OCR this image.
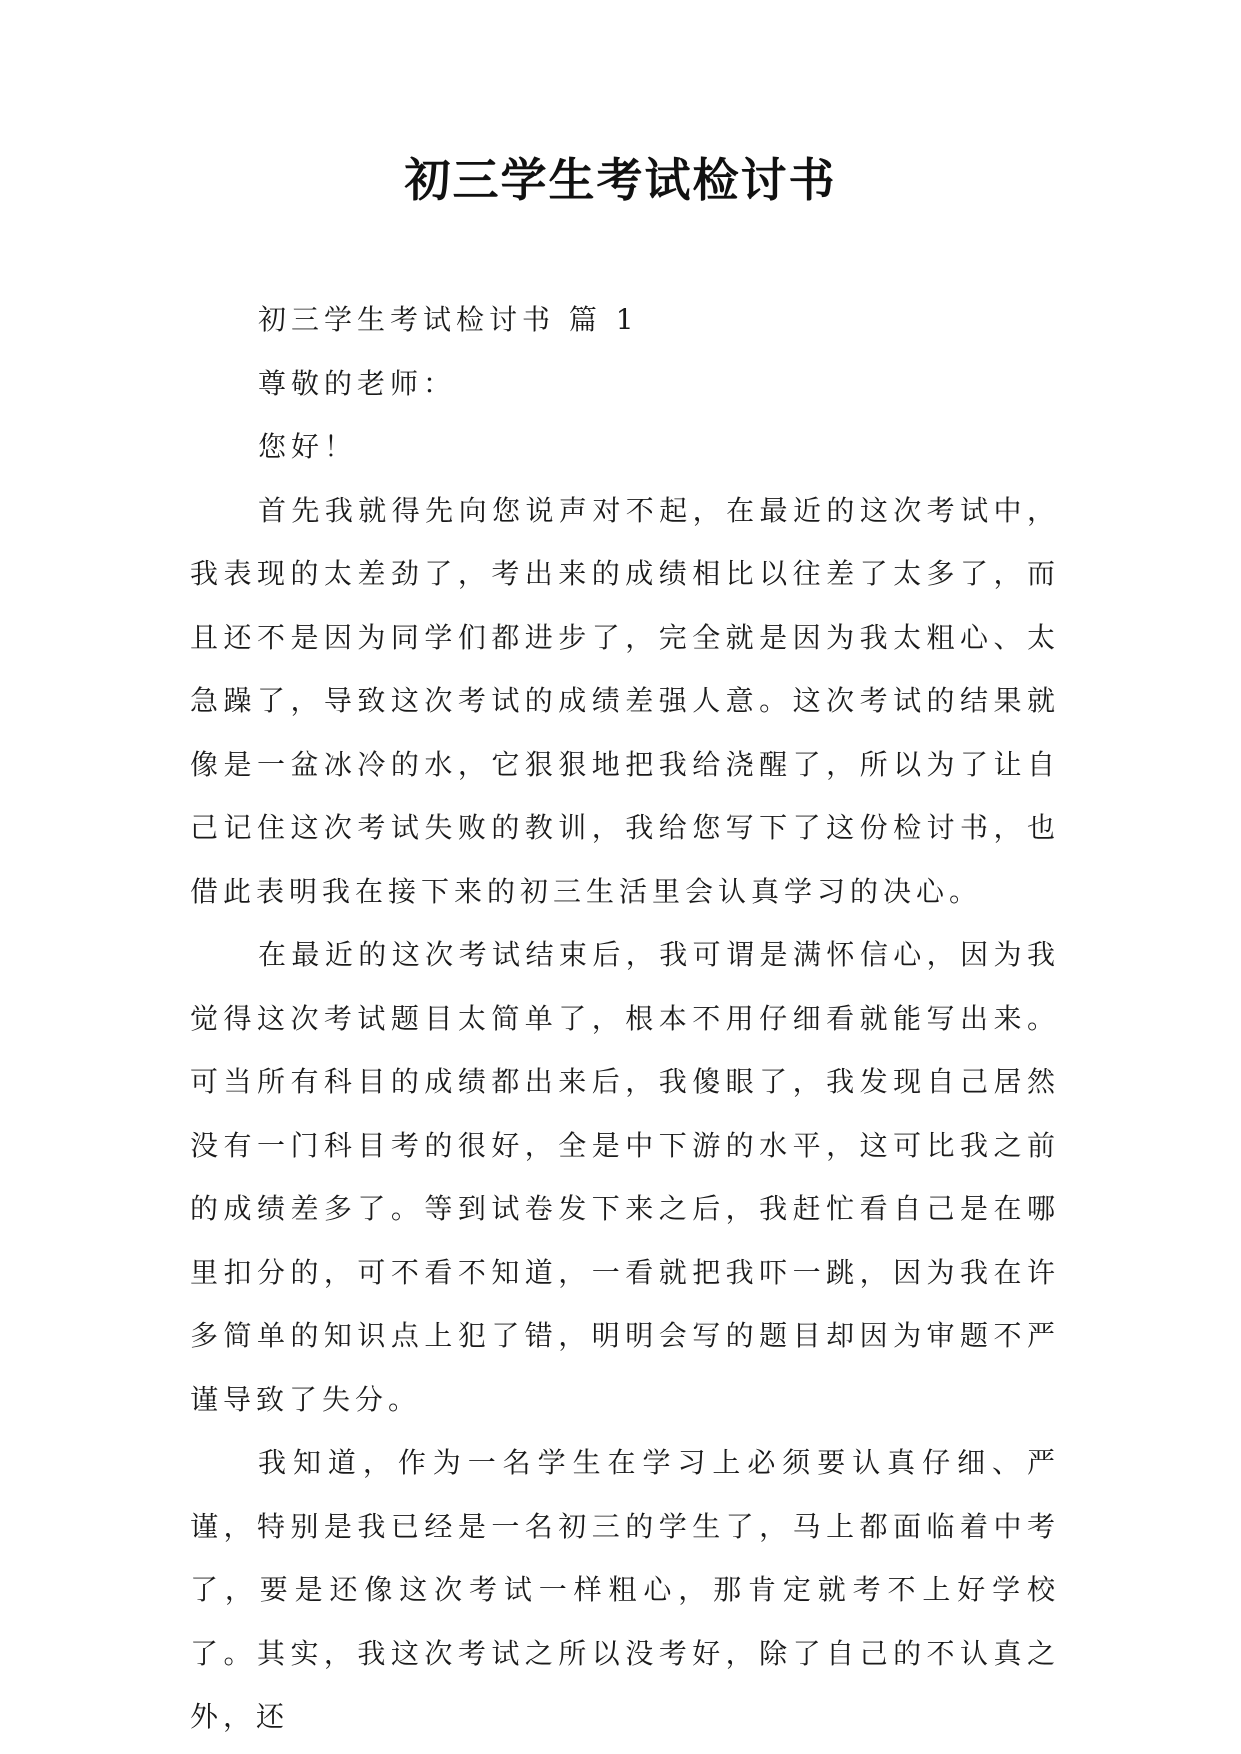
初三学生考试检讨书

初三学生考试检讨书 篇 1

尊敬的老师：

您好！

首先我就得先向您说声对不起，在最近的这次考试中，我表现的太差劲了，考出来的成绩相比以往差了太多了，而且还不是因为同学们都进步了，完全就是因为我太粗心、太急躁了，导致这次考试的成绩差强人意。这次考试的结果就像是一盆冰冷的水，它狠狠地把我给浇醒了，所以为了让自己记住这次考试失败的教训，我给您写下了这份检讨书，也借此表明我在接下来的初三生活里会认真学习的决心。

在最近的这次考试结束后，我可谓是满怀信心，因为我觉得这次考试题目太简单了，根本不用仔细看就能写出来。可当所有科目的成绩都出来后，我傻眼了，我发现自己居然没有一门科目考的很好，全是中下游的水平，这可比我之前的成绩差多了。等到试卷发下来之后，我赶忙看自己是在哪里扣分的，可不看不知道，一看就把我吓一跳，因为我在许多简单的知识点上犯了错，明明会写的题目却因为审题不严谨导致了失分。

我知道，作为一名学生在学习上必须要认真仔细、严谨，特别是我已经是一名初三的学生了，马上都面临着中考了，要是还像这次考试一样粗心，那肯定就考不上好学校了。其实，我这次考试之所以没考好，除了自己的不认真之外，还
